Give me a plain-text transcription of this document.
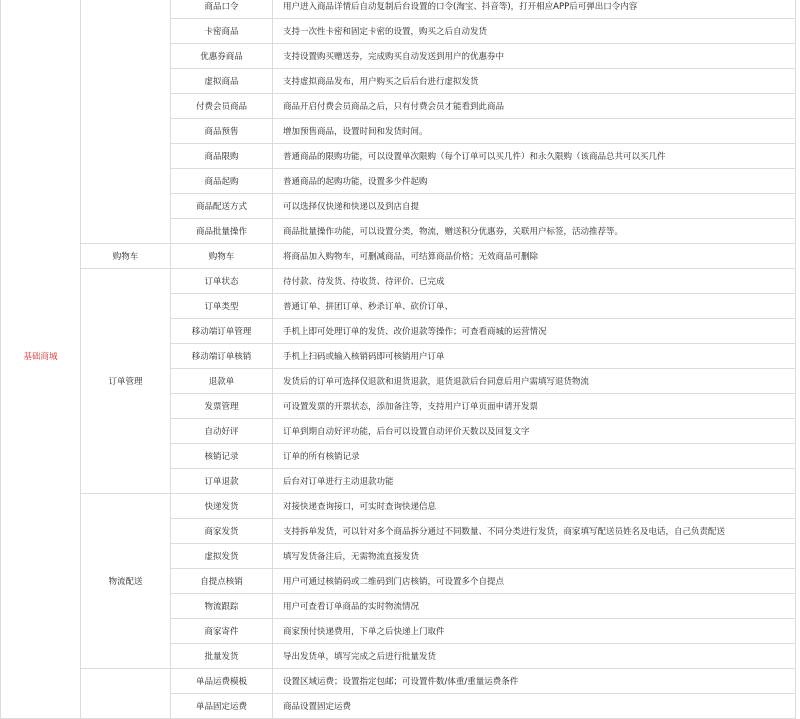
基础商城		商品口令	用户进入商品详情后自动复制后台设置的口令(淘宝、抖音等)，打开相应APP后可弹出口令内容
		卡密商品	支持一次性卡密和固定卡密的设置，购买之后自动发货
		优惠券商品	支持设置购买赠送券，完成购买自动发送到用户的优惠券中
		虚拟商品	支持虚拟商品发布，用户购买之后后台进行虚拟发货
		付费会员商品	商品开启付费会员商品之后，只有付费会员才能看到此商品
		商品预售	增加预售商品，设置时间和发货时间。
		商品限购	普通商品的限购功能，可以设置单次限购（每个订单可以买几件）和永久限购（该商品总共可以买几件
		商品起购	普通商品的起购功能，设置多少件起购
		商品配送方式	可以选择仅快递和快递以及到店自提
		商品批量操作	商品批量操作功能，可以设置分类，物流，赠送积分优惠券，关联用户标签，活动推荐等。
	购物车	购物车	将商品加入购物车，可删减商品，可结算商品价格；无效商品可删除
	订单管理	订单状态	待付款、待发货、待收货、待评价、已完成
		订单类型	普通订单、拼团订单、秒杀订单、砍价订单、
		移动端订单管理	手机上即可处理订单的发货、改价退款等操作；可查看商城的运营情况
		移动端订单核销	手机上扫码或输入核销码即可核销用户订单
		退款单	发货后的订单可选择仅退款和退货退款，退货退款后台同意后用户需填写退货物流
		发票管理	可设置发票的开票状态，添加备注等，支持用户订单页面申请开发票
		自动好评	订单到期自动好评功能，后台可以设置自动评价天数以及回复文字
		核销记录	订单的所有核销记录
		订单退款	后台对订单进行主动退款功能
	物流配送	快递发货	对接快递查询接口，可实时查询快递信息
		商家发货	支持拆单发货，可以针对多个商品拆分通过不同数量、不同分类进行发货，商家填写配送员姓名及电话，自己负责配送
		虚拟发货	填写发货备注后，无需物流直接发货
		自提点核销	用户可通过核销码或二维码到门店核销，可设置多个自提点
		物流跟踪	用户可查看订单商品的实时物流情况
		商家寄件	商家预付快递费用，下单之后快递上门取件
		批量发货	导出发货单，填写完成之后进行批量发货
		单品运费模板	设置区域运费；设置指定包邮；可设置件数/体重/重量运费条件
		单品固定运费	商品设置固定运费
